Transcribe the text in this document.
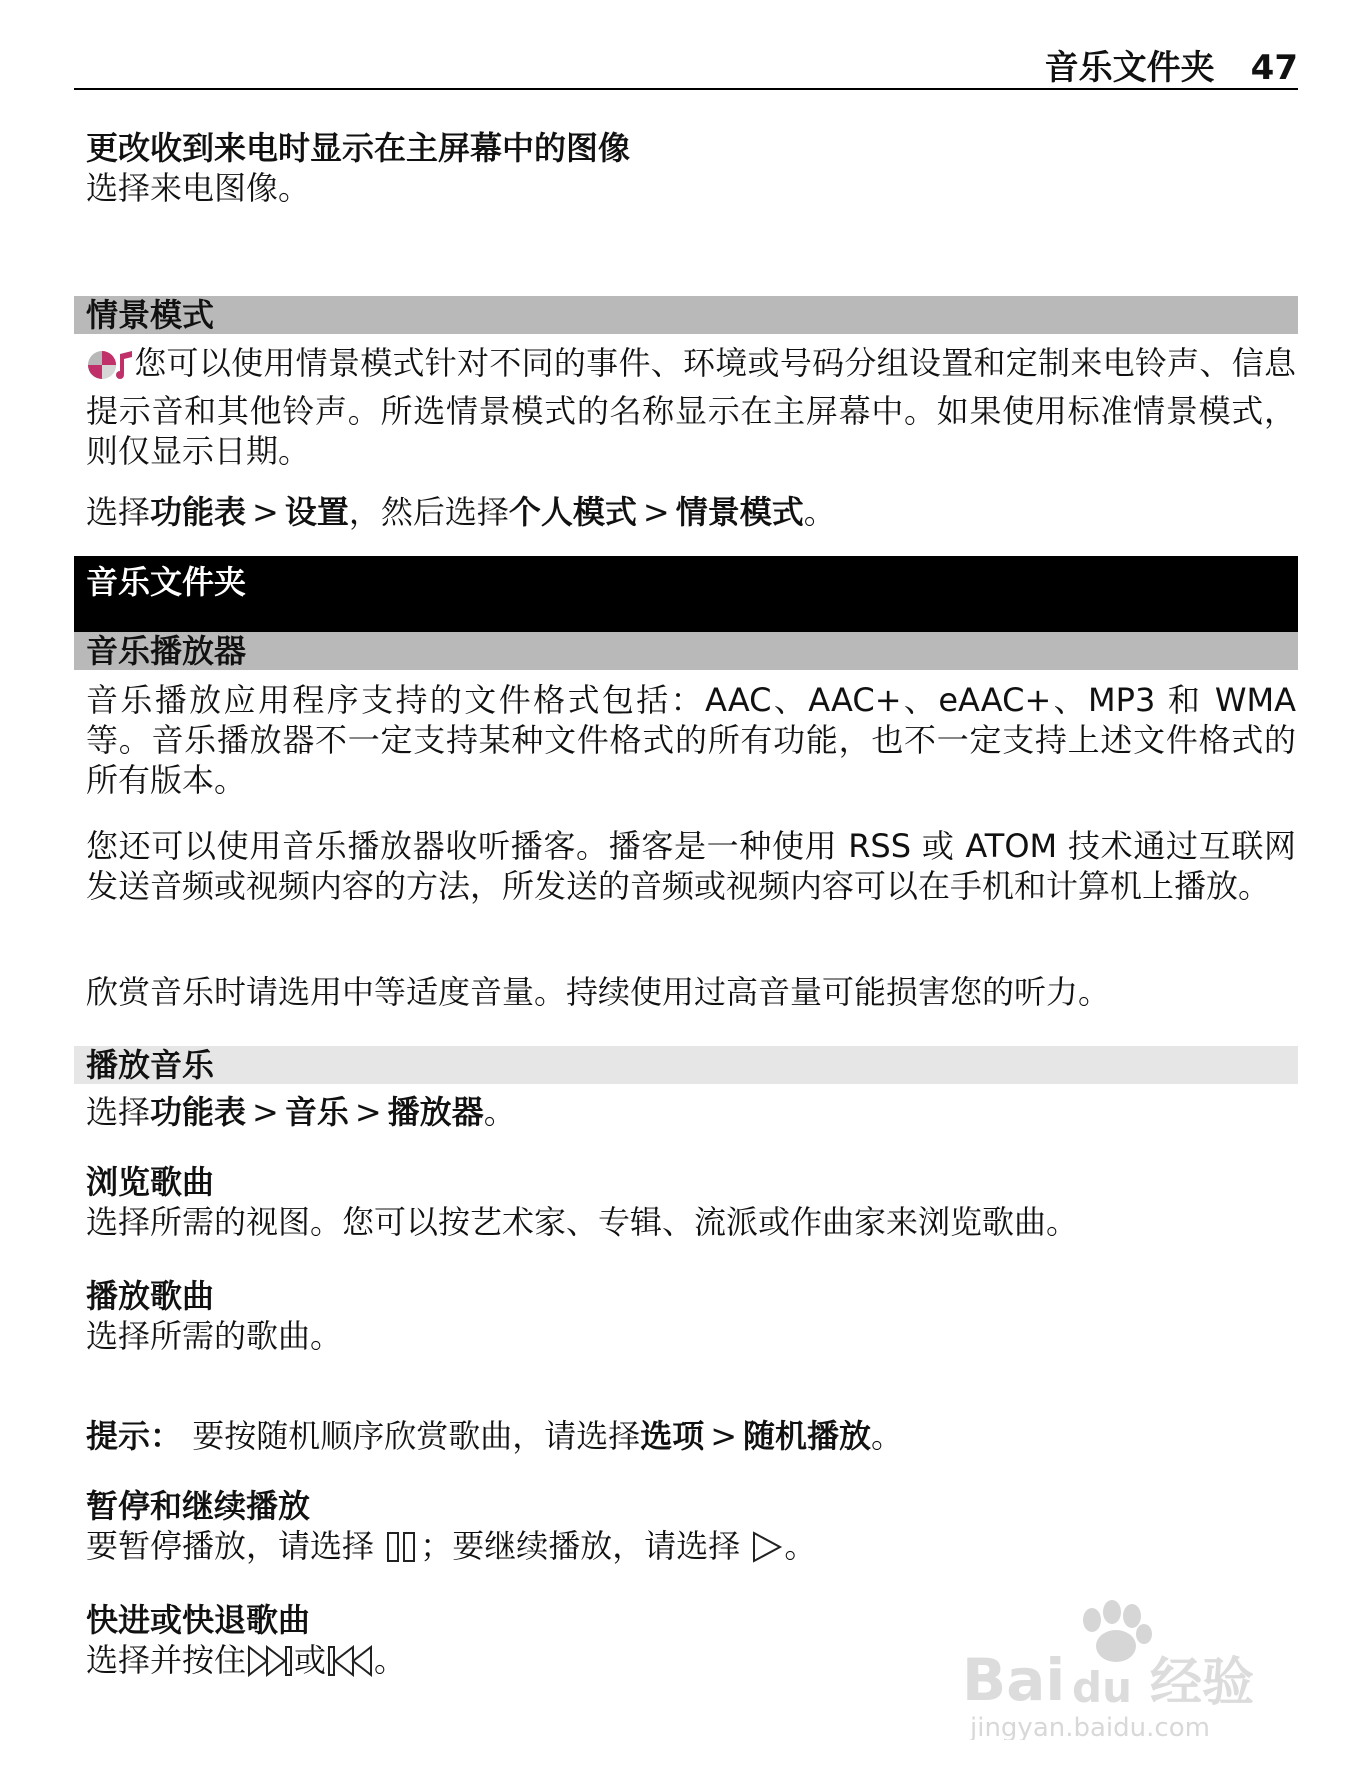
音乐文件夹 47
更改收到来电时显示在主屏幕中的图像
选择来电图像。
情景模式
您可以使用情景模式针对不同的事件、环境或号码分组设置和定制来电铃声、信息提示音和其他铃声。所选情景模式的名称显示在主屏幕中。如果使用标准情景模式，则仅显示日期。
选择功能表 > 设置，然后选择个人模式 > 情景模式。
音乐文件夹
音乐播放器
音乐播放应用程序支持的文件格式包括：AAC、AAC+、eAAC+、MP3 和 WMA 等。音乐播放器不一定支持某种文件格式的所有功能，也不一定支持上述文件格式的所有版本。
您还可以使用音乐播放器收听播客。播客是一种使用 RSS 或 ATOM 技术通过互联网发送音频或视频内容的方法，所发送的音频或视频内容可以在手机和计算机上播放。
欣赏音乐时请选用中等适度音量。持续使用过高音量可能损害您的听力。
播放音乐
选择功能表 > 音乐 > 播放器。
浏览歌曲
选择所需的视图。您可以按艺术家、专辑、流派或作曲家来浏览歌曲。
播放歌曲
选择所需的歌曲。
提示： 要按随机顺序欣赏歌曲，请选择选项 > 随机播放。
暂停和继续播放
要暂停播放，请选择 ；要继续播放，请选择 。
快进或快退歌曲
选择并按住 或 。	Bai du 经验
jingyan.baidu.com
